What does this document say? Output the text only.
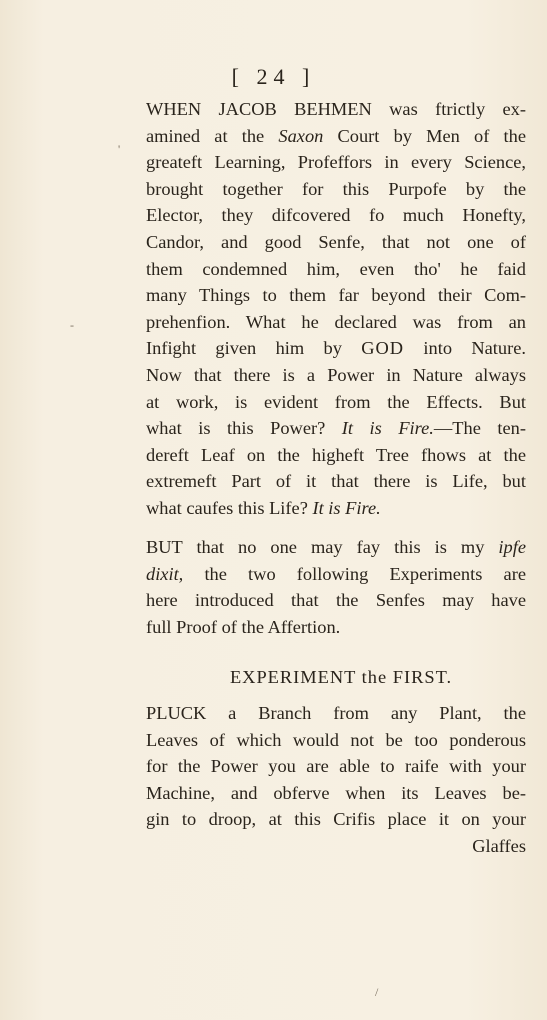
[ 24 ]
WHEN JACOB BEHMEN was ftrictly ex-
amined at the Saxon Court by Men of the
greateft Learning, Profeffors in every Science,
brought together for this Purpofe by the
Elector, they difcovered fo much Honefty,
Candor, and good Senfe, that not one of
them condemned him, even tho' he faid
many Things to them far beyond their Com-
prehenfion. What he declared was from an
Infight given him by GOD into Nature.
Now that there is a Power in Nature always
at work, is evident from the Effects. But
what is this Power? It is Fire.—The ten-
dereft Leaf on the higheft Tree fhows at the
extremeft Part of it that there is Life, but
what caufes this Life? It is Fire.
BUT that no one may fay this is my ipfe
dixit, the two following Experiments are
here introduced that the Senfes may have
full Proof of the Affertion.
EXPERIMENT the FIRST.
PLUCK a Branch from any Plant, the
Leaves of which would not be too ponderous
for the Power you are able to raife with your
Machine, and obferve when its Leaves be-
gin to droop, at this Crifis place it on your
Glaffes
'
-
/
